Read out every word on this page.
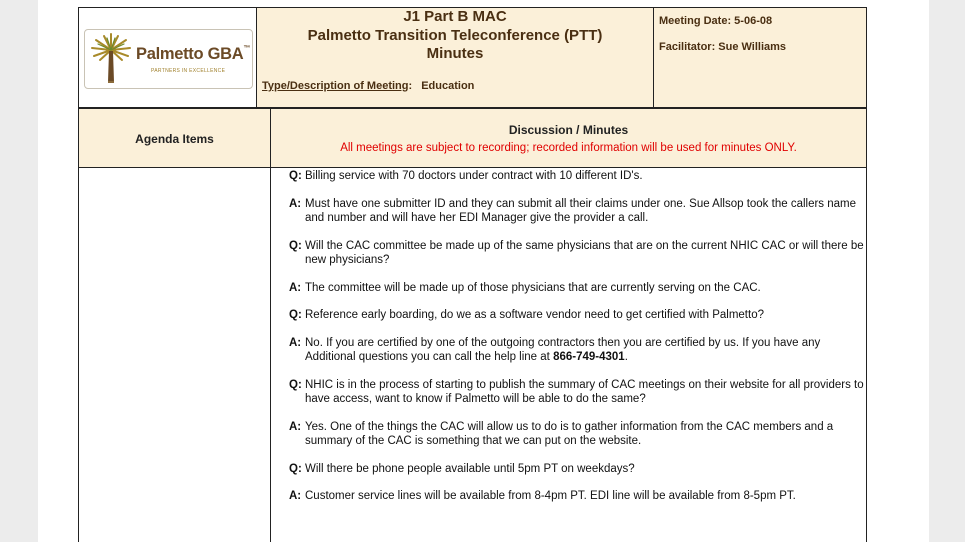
Palmetto GBA™
PARTNERS IN EXCELLENCE
J1 Part B MAC
Palmetto Transition Teleconference (PTT)
Minutes
Type/Description of Meeting: Education
Meeting Date: 5-06-08
Facilitator: Sue Williams
Agenda Items
Discussion / Minutes
All meetings are subject to recording; recorded information will be used for minutes ONLY.
Q: Billing service with 70 doctors under contract with 10 different ID's.
A: Must have one submitter ID and they can submit all their claims under one. Sue Allsop took the callers name and number and will have her EDI Manager give the provider a call.
Q: Will the CAC committee be made up of the same physicians that are on the current NHIC CAC or will there be new physicians?
A: The committee will be made up of those physicians that are currently serving on the CAC.
Q: Reference early boarding, do we as a software vendor need to get certified with Palmetto?
A: No. If you are certified by one of the outgoing contractors then you are certified by us. If you have any Additional questions you can call the help line at 866-749-4301.
Q: NHIC is in the process of starting to publish the summary of CAC meetings on their website for all providers to have access, want to know if Palmetto will be able to do the same?
A: Yes. One of the things the CAC will allow us to do is to gather information from the CAC members and a summary of the CAC is something that we can put on the website.
Q: Will there be phone people available until 5pm PT on weekdays?
A: Customer service lines will be available from 8-4pm PT. EDI line will be available from 8-5pm PT.
